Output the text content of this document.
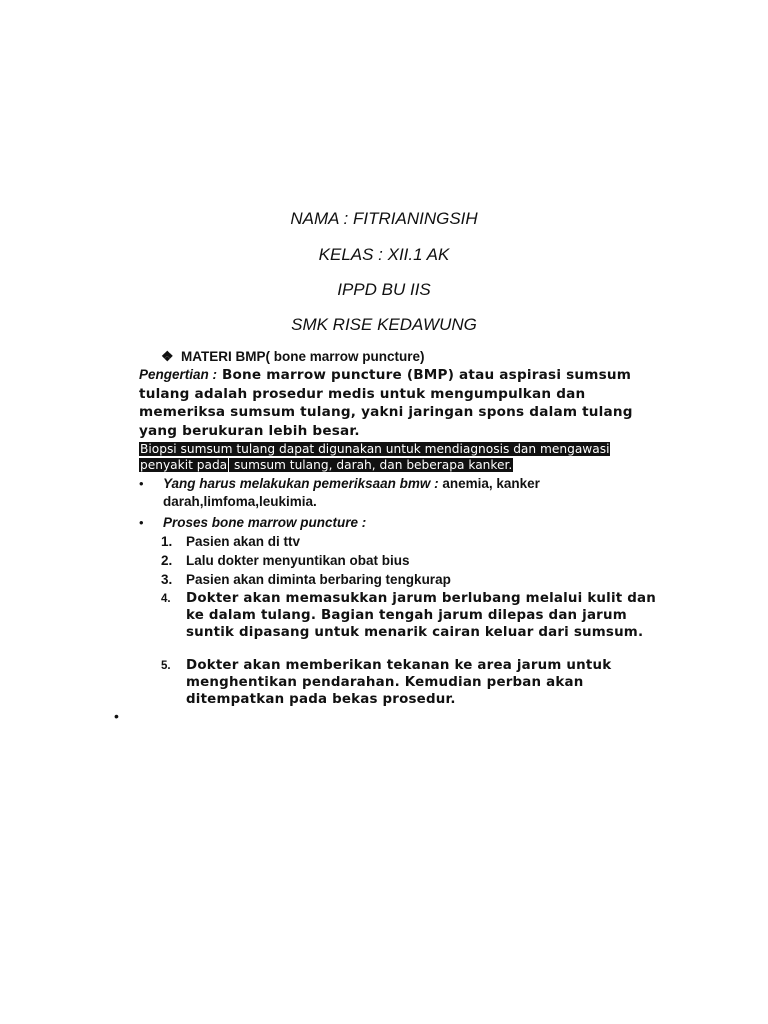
NAMA : FITRIANINGSIH
KELAS : XII.1 AK
IPPD BU IIS
SMK RISE KEDAWUNG
❖ MATERI BMP( bone marrow puncture)
Pengertian : Bone marrow puncture (BMP) atau aspirasi sumsum tulang adalah prosedur medis untuk mengumpulkan dan memeriksa sumsum tulang, yakni jaringan spons dalam tulang yang berukuran lebih besar.
Biopsi sumsum tulang dapat digunakan untuk mendiagnosis dan mengawasi
penyakit pada sumsum tulang, darah, dan beberapa kanker.
• Yang harus melakukan pemeriksaan bmw : anemia, kanker darah,limfoma,leukimia.
• Proses bone marrow puncture :
1.	Pasien akan di ttv
2.	Lalu dokter menyuntikan obat bius
3.	Pasien akan diminta berbaring tengkurap
4.	Dokter akan memasukkan jarum berlubang melalui kulit dan ke dalam tulang. Bagian tengah jarum dilepas dan jarum suntik dipasang untuk menarik cairan keluar dari sumsum.
5.	Dokter akan memberikan tekanan ke area jarum untuk menghentikan pendarahan. Kemudian perban akan ditempatkan pada bekas prosedur.
•
